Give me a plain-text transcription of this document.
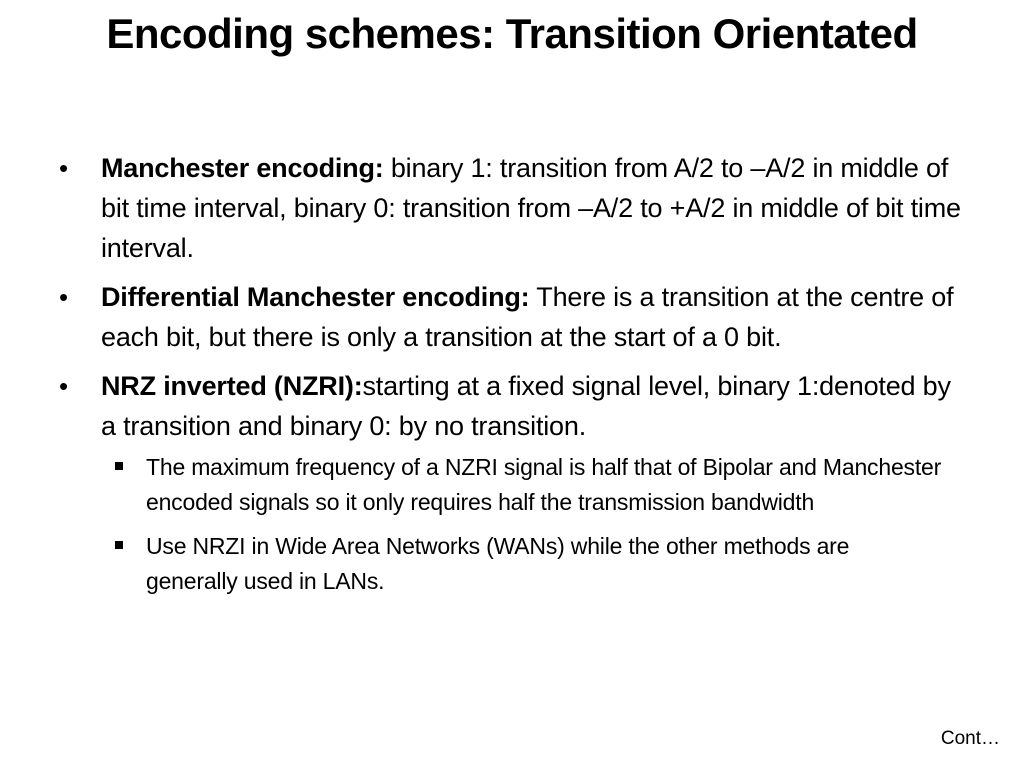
Encoding schemes: Transition Orientated
•	Manchester encoding: binary 1: transition from A/2 to –A/2 in middle of bit time interval, binary 0: transition from –A/2 to +A/2 in middle of bit time interval.
•	Differential Manchester encoding: There is a transition at the centre of each bit, but there is only a transition at the start of a 0 bit.
•	NRZ inverted (NZRI):starting at a fixed signal level, binary 1:denoted by a transition and binary 0: by no transition.
The maximum frequency of a NZRI signal is half that of Bipolar and Manchester encoded signals so it only requires half the transmission bandwidth
Use NRZI in Wide Area Networks (WANs) while the other methods are generally used in LANs.
Cont…
